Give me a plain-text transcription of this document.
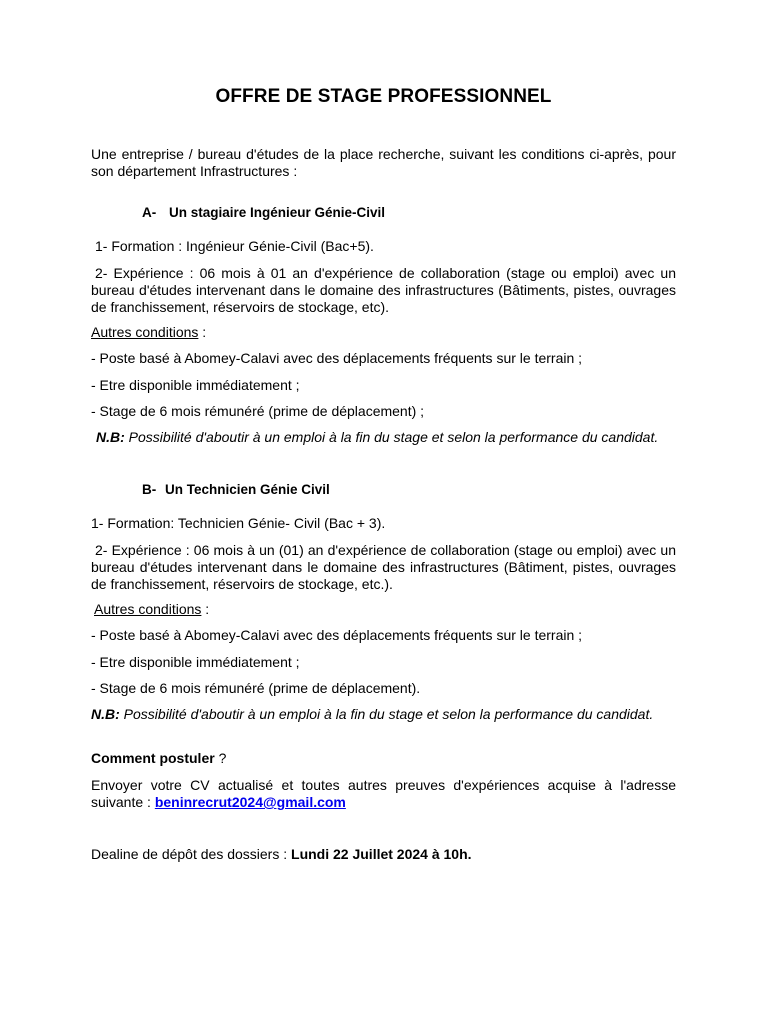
OFFRE DE STAGE PROFESSIONNEL

Une entreprise / bureau d'études de la place recherche, suivant les conditions ci-après, pour son département Infrastructures :

A- Un stagiaire Ingénieur Génie-Civil

1- Formation : Ingénieur Génie-Civil (Bac+5).

2- Expérience : 06 mois à 01 an d'expérience de collaboration (stage ou emploi) avec un bureau d'études intervenant dans le domaine des infrastructures (Bâtiments, pistes, ouvrages de franchissement, réservoirs de stockage, etc).

Autres conditions :

- Poste basé à Abomey-Calavi avec des déplacements fréquents sur le terrain ;

- Etre disponible immédiatement ;

- Stage de 6 mois rémunéré (prime de déplacement) ;

N.B: Possibilité d'aboutir à un emploi à la fin du stage et selon la performance du candidat.

B- Un Technicien Génie Civil

1- Formation: Technicien Génie- Civil (Bac + 3).

2- Expérience : 06 mois à un (01) an d'expérience de collaboration (stage ou emploi) avec un bureau d'études intervenant dans le domaine des infrastructures (Bâtiment, pistes, ouvrages de franchissement, réservoirs de stockage, etc.).

Autres conditions :

- Poste basé à Abomey-Calavi avec des déplacements fréquents sur le terrain ;

- Etre disponible immédiatement ;

- Stage de 6 mois rémunéré (prime de déplacement).

N.B: Possibilité d'aboutir à un emploi à la fin du stage et selon la performance du candidat.

Comment postuler ?

Envoyer votre CV actualisé et toutes autres preuves d'expériences acquise à l'adresse suivante : beninrecrut2024@gmail.com

Dealine de dépôt des dossiers : Lundi 22 Juillet 2024 à 10h.
